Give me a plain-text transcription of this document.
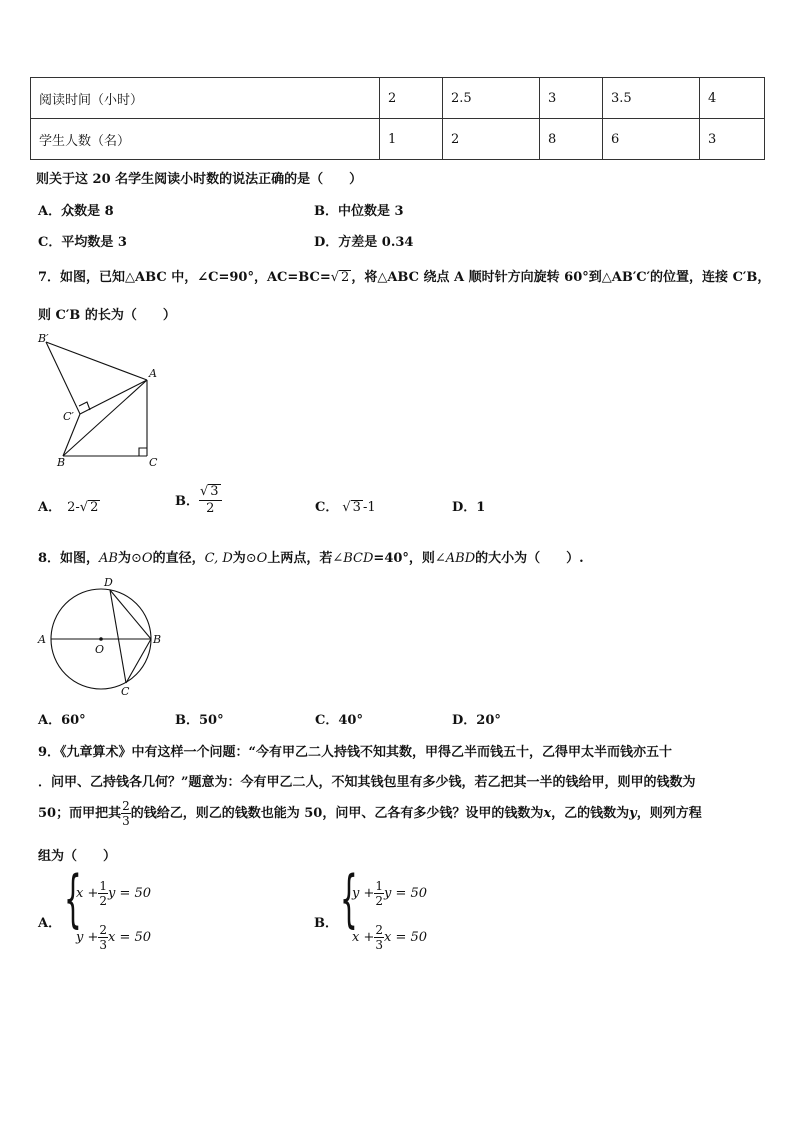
阅读时间（小时）	2	2.5	3	3.5	4
学生人数（名）	1	2	8	6	3
则关于这 20 名学生阅读小时数的说法正确的是（　　）
A．众数是 8	B．中位数是 3
C．平均数是 3	D．方差是 0.34
7．如图，已知△ABC 中，∠C=90°，AC=BC=√ 2 ，将△ABC 绕点 A 顺时针方向旋转 60°到△AB′C′的位置，连接 C′B，
则 C′B 的长为（　　）
B′
A
C′
B	C
A． 2-√ 2	B． $\frac{√ 3}{2}$	C． √ 3 -1	D．1
8．如图，AB为⊙O的直径，C, D为⊙O上两点，若∠BCD=40°，则∠ABD的大小为（　　）.
D
A
O
B
C
A．60°	B．50°	C．40°	D．20°
9．《九章算术》中有这样一个问题：“今有甲乙二人持钱不知其数，甲得乙半而钱五十，乙得甲太半而钱亦五十
．问甲、乙持钱各几何？”题意为：今有甲乙二人，不知其钱包里有多少钱，若乙把其一半的钱给甲，则甲的钱数为
50；而甲把其 $\frac{2}{3}$ 的钱给乙，则乙的钱数也能为 50，问甲、乙各有多少钱？设甲的钱数为x，乙的钱数为y，则列方程
组为（　　）
A． {
$x + \frac{1}{2}$ y = 50
$y + \frac{2}{3}$ x = 50
B． {
$y + \frac{1}{2}$ y = 50
$x + \frac{2}{3}$ x = 50
